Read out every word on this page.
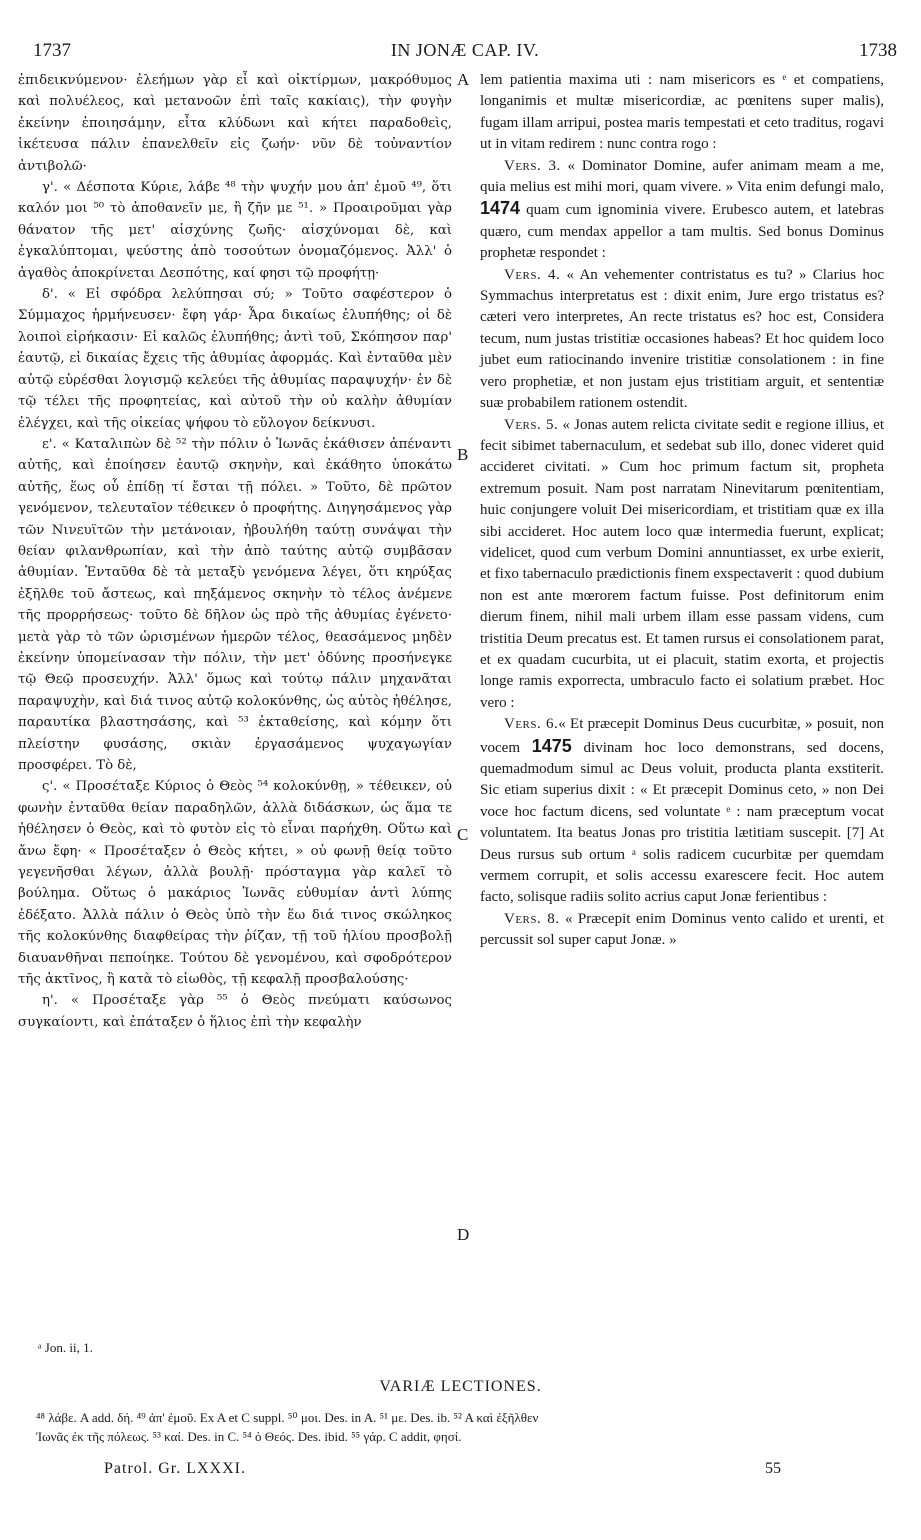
1737	IN JONÆ CAP. IV.	1738

ἐπιδεικνύμενον· ἐλεήμων γὰρ εἶ καὶ οἰκτίρμων, μακρόθυμος καὶ πολυέλεος, καὶ μετανοῶν ἐπὶ ταῖς κακίαις), τὴν φυγὴν ἐκείνην ἐποιησάμην, εἶτα κλύδωνι καὶ κήτει παραδοθεὶς, ἱκέτευσα πάλιν ἐπανελθεῖν εἰς ζωήν· νῦν δὲ τοὐναντίον ἀντιβολῶ·

γ'. « Δέσποτα Κύριε, λάβε ⁴⁸ τὴν ψυχήν μου ἀπ' ἐμοῦ ⁴⁹, ὅτι καλόν μοι ⁵⁰ τὸ ἀποθανεῖν με, ἢ ζῆν με ⁵¹. » Προαιροῦμαι γὰρ θάνατον τῆς μετ' αἰσχύνης ζωῆς· αἰσχύνομαι δὲ, καὶ ἐγκαλύπτομαι, ψεύστης ἀπὸ τοσούτων ὀνομαζόμενος. Ἀλλ' ὁ ἀγαθὸς ἀποκρίνεται Δεσπότης, καί φησι τῷ προφήτῃ·

δ'. « Εἰ σφόδρα λελύπησαι σύ; » Τοῦτο σαφέστερον ὁ Σύμμαχος ἡρμήνευσεν· ἔφη γάρ· Ἆρα δικαίως ἐλυπήθης; οἱ δὲ λοιποὶ εἰρήκασιν· Εἰ καλῶς ἐλυπήθης; ἀντὶ τοῦ, Σκόπησον παρ' ἑαυτῷ, εἰ δικαίας ἔχεις τῆς ἀθυμίας ἀφορμάς. Καὶ ἐνταῦθα μὲν αὐτῷ εὑρέσθαι λογισμῷ κελεύει τῆς ἀθυμίας παραψυχήν· ἐν δὲ τῷ τέλει τῆς προφητείας, καὶ αὐτοῦ τὴν οὐ καλὴν ἀθυμίαν ἐλέγχει, καὶ τῆς οἰκείας ψήφου τὸ εὔλογον δείκνυσι.

ε'. « Καταλιπὼν δὲ ⁵² τὴν πόλιν ὁ Ἰωνᾶς ἐκάθισεν ἀπέναντι αὐτῆς, καὶ ἐποίησεν ἑαυτῷ σκηνὴν, καὶ ἐκάθητο ὑποκάτω αὐτῆς, ἕως οὗ ἐπίδῃ τί ἔσται τῇ πόλει. » Τοῦτο, δὲ πρῶτον γενόμενον, τελευταῖον τέθεικεν ὁ προφήτης. Διηγησάμενος γὰρ τῶν Νινευϊτῶν τὴν μετάνοιαν, ἠβουλήθη ταύτῃ συνάψαι τὴν θείαν φιλανθρωπίαν, καὶ τὴν ἀπὸ ταύτης αὐτῷ συμβᾶσαν ἀθυμίαν. Ἐνταῦθα δὲ τὰ μεταξὺ γενόμενα λέγει, ὅτι κηρύξας ἐξῆλθε τοῦ ἄστεως, καὶ πηξάμενος σκηνὴν τὸ τέλος ἀνέμενε τῆς προρρήσεως· τοῦτο δὲ δῆλον ὡς πρὸ τῆς ἀθυμίας ἐγένετο· μετὰ γὰρ τὸ τῶν ὡρισμένων ἡμερῶν τέλος, θεασάμενος μηδὲν ἐκείνην ὑπομείνασαν τὴν πόλιν, τὴν μετ' ὀδύνης προσήνεγκε τῷ Θεῷ προσευχήν. Ἀλλ' ὅμως καὶ τούτῳ πάλιν μηχανᾶται παραψυχὴν, καὶ διά τινος αὐτῷ κολοκύνθης, ὡς αὐτὸς ἠθέλησε, παραυτίκα βλαστησάσης, καὶ ⁵³ ἐκταθείσης, καὶ κόμην ὅτι πλείστην φυσάσης, σκιὰν ἐργασάμενος ψυχαγωγίαν προσφέρει. Τὸ δὲ,

ς'. « Προσέταξε Κύριος ὁ Θεὸς ⁵⁴ κολοκύνθῃ, » τέθεικεν, οὐ φωνὴν ἐνταῦθα θείαν παραδηλῶν, ἀλλὰ διδάσκων, ὡς ἅμα τε ἠθέλησεν ὁ Θεὸς, καὶ τὸ φυτὸν εἰς τὸ εἶναι παρήχθη. Οὕτω καὶ ἄνω ἔφη· « Προσέταξεν ὁ Θεὸς κήτει, » οὐ φωνῇ θείᾳ τοῦτο γεγενῆσθαι λέγων, ἀλλὰ βουλῇ· πρόσταγμα γὰρ καλεῖ τὸ βούλημα. Οὕτως ὁ μακάριος Ἰωνᾶς εὐθυμίαν ἀντὶ λύπης ἐδέξατο. Ἀλλὰ πάλιν ὁ Θεὸς ὑπὸ τὴν ἕω διά τινος σκώληκος τῆς κολοκύνθης διαφθείρας τὴν ῥίζαν, τῇ τοῦ ἡλίου προσβολῇ διαυανθῆναι πεποίηκε. Τούτου δὲ γενομένου, καὶ σφοδρότερον τῆς ἀκτῖνος, ἢ κατὰ τὸ εἰωθὸς, τῇ κεφαλῇ προσβαλούσης·

η'. « Προσέταξε γὰρ ⁵⁵ ὁ Θεὸς πνεύματι καύσωνος συγκαίοντι, καὶ ἐπάταξεν ὁ ἥλιος ἐπὶ τὴν κεφαλὴν

A
B
C
D

lem patientia maxima uti : nam misericors es ᵉ et compatiens, longanimis et multæ misericordiæ, ac pœnitens super malis), fugam illam arripui, postea maris tempestati et ceto traditus, rogavi ut in vitam redirem : nunc contra rogo :

Vers. 3. « Dominator Domine, aufer animam meam a me, quia melius est mihi mori, quam vivere. » Vita enim defungi malo, 1474 quam cum ignominia vivere. Erubesco autem, et latebras quæro, cum mendax appellor a tam multis. Sed bonus Dominus prophetæ respondet :

Vers. 4. « An vehementer contristatus es tu? » Clarius hoc Symmachus interpretatus est : dixit enim, Jure ergo tristatus es? cæteri vero interpretes, An recte tristatus es? hoc est, Considera tecum, num justas tristitiæ occasiones habeas? Et hoc quidem loco jubet eum ratiocinando invenire tristitiæ consolationem : in fine vero prophetiæ, et non justam ejus tristitiam arguit, et sententiæ suæ probabilem rationem ostendit.

Vers. 5. « Jonas autem relicta civitate sedit e regione illius, et fecit sibimet tabernaculum, et sedebat sub illo, donec videret quid accideret civitati. » Cum hoc primum factum sit, propheta extremum posuit. Nam post narratam Ninevitarum pœnitentiam, huic conjungere voluit Dei misericordiam, et tristitiam quæ ex illa sibi accideret. Hoc autem loco quæ intermedia fuerunt, explicat; videlicet, quod cum verbum Domini annuntiasset, ex urbe exierit, et fixo tabernaculo prædictionis finem exspectaverit : quod dubium non est ante mœrorem factum fuisse. Post definitorum enim dierum finem, nihil mali urbem illam esse passam videns, cum tristitia Deum precatus est. Et tamen rursus ei consolationem parat, et ex quadam cucurbita, ut ei placuit, statim exorta, et projectis longe ramis exporrecta, umbraculo facto ei solatium præbet. Hoc vero :

Vers. 6.« Et præcepit Dominus Deus cucurbitæ, » posuit, non vocem 1475 divinam hoc loco demonstrans, sed docens, quemadmodum simul ac Deus voluit, producta planta exstiterit. Sic etiam superius dixit : « Et præcepit Dominus ceto, » non Dei voce hoc factum dicens, sed voluntate ᵉ : nam præceptum vocat voluntatem. Ita beatus Jonas pro tristitia lætitiam suscepit. [7] At Deus rursus sub ortum ᵃ solis radicem cucurbitæ per quemdam vermem corrupit, et solis accessu exarescere fecit. Hoc autem facto, solisque radiis solito acrius caput Jonæ ferientibus :

Vers. 8. « Præcepit enim Dominus vento calido et urenti, et percussit sol super caput Jonæ. »

ᵃ Jon. ii, 1.
VARIÆ LECTIONES.

⁴⁸ λάβε. A add. δή. ⁴⁹ ἀπ' ἐμοῦ. Ex A et C suppl. ⁵⁰ μοι. Des. in A. ⁵¹ με. Des. ib. ⁵² A καὶ ἐξῆλθεν

Ἰωνᾶς ἐκ τῆς πόλεως. ⁵³ καί. Des. in C. ⁵⁴ ὁ Θεός. Des. ibid. ⁵⁵ γάρ. C addit, φησί.

Patrol. Gr. LXXXI.	55
